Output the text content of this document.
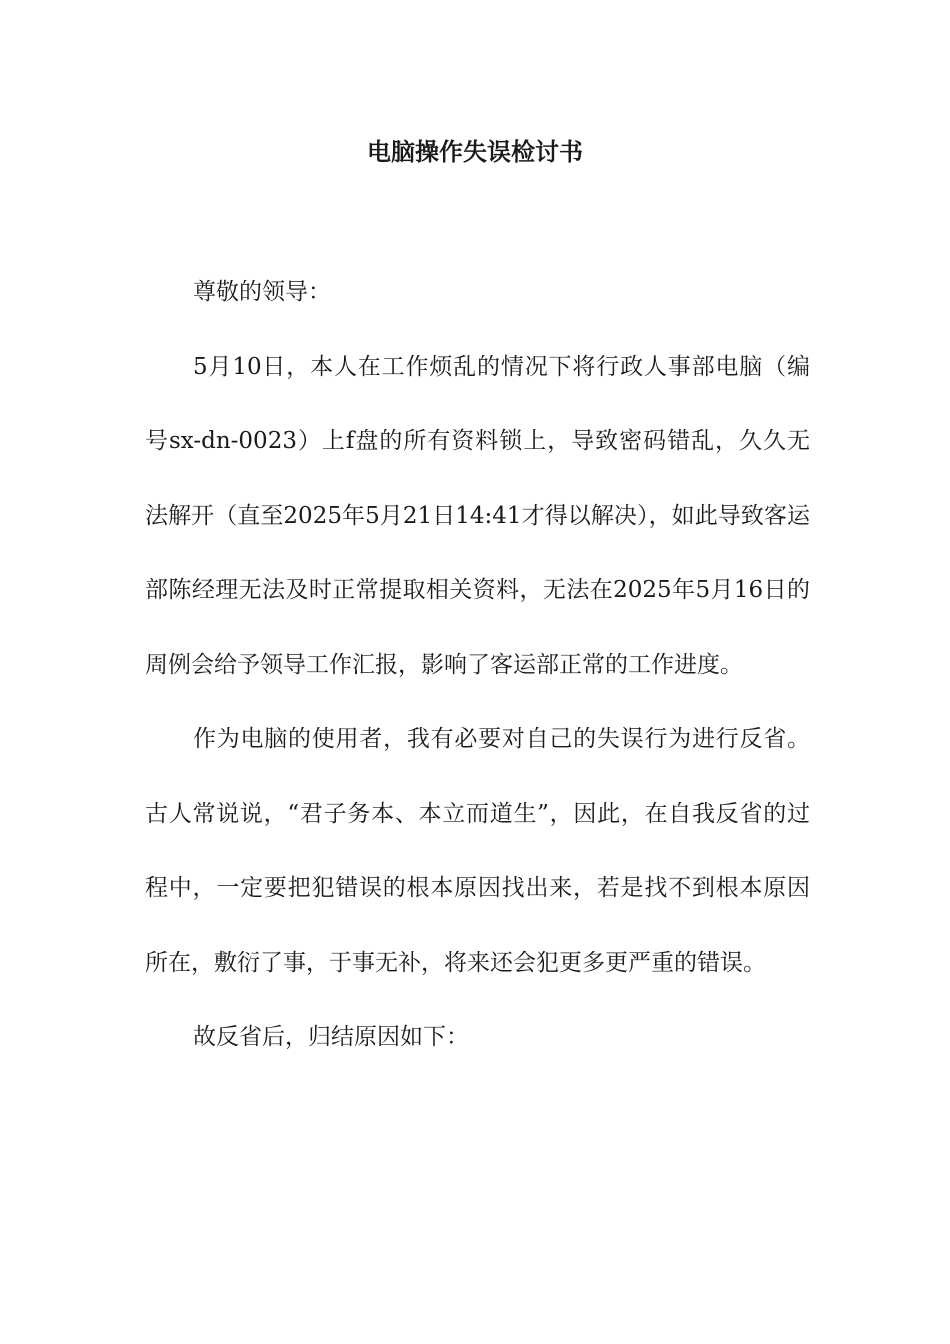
电脑操作失误检讨书

尊敬的领导：

5月10日，本人在工作烦乱的情况下将行政人事部电脑（编号sx-dn-0023）上f盘的所有资料锁上，导致密码错乱，久久无法解开（直至2025年5月21日14:41才得以解决），如此导致客运部陈经理无法及时正常提取相关资料，无法在2025年5月16日的周例会给予领导工作汇报，影响了客运部正常的工作进度。

作为电脑的使用者，我有必要对自己的失误行为进行反省。古人常说说，“君子务本、本立而道生”，因此，在自我反省的过程中，一定要把犯错误的根本原因找出来，若是找不到根本原因所在，敷衍了事，于事无补，将来还会犯更多更严重的错误。

故反省后，归结原因如下：
